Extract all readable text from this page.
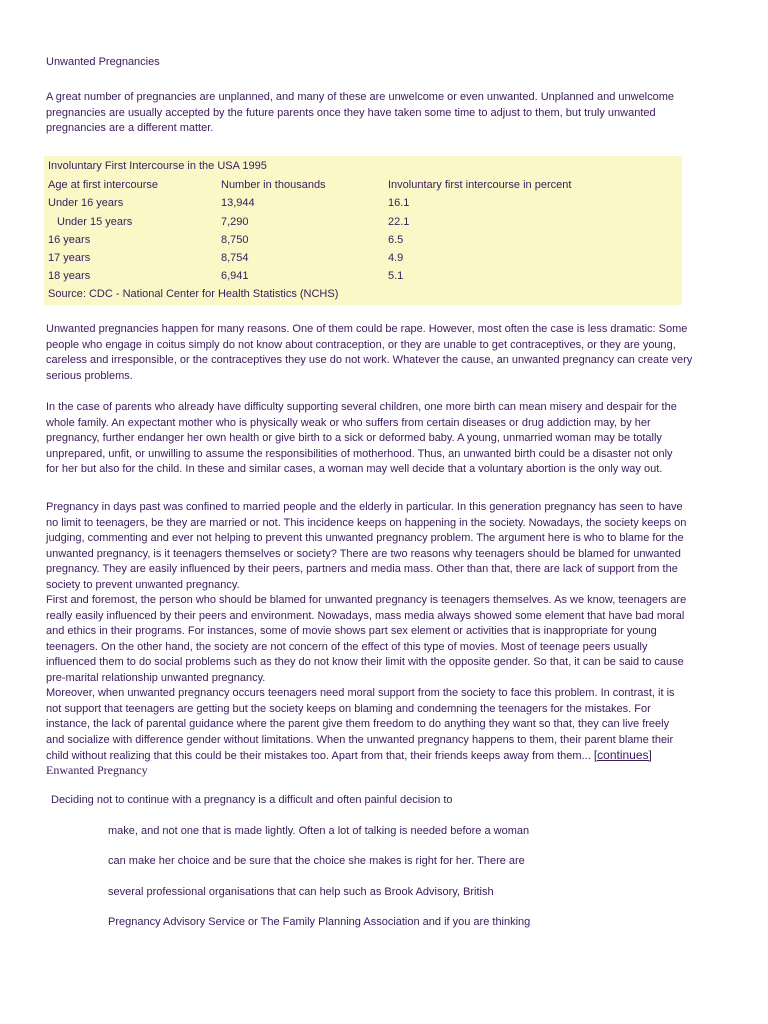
Unwanted Pregnancies
A great number of pregnancies are unplanned, and many of these are unwelcome or even unwanted. Unplanned and unwelcome
pregnancies are usually accepted by the future parents once they have taken some time to adjust to them, but truly unwanted
pregnancies are a different matter.
Involuntary First Intercourse in the USA 1995
Age at first intercourse	Number in thousands	Involuntary first intercourse in percent
Under 16 years	13,944	16.1
Under 15 years	7,290	22.1
16 years	8,750	6.5
17 years	8,754	4.9
18 years	6,941	5.1
Source: CDC - National Center for Health Statistics (NCHS)
Unwanted pregnancies happen for many reasons. One of them could be rape. However, most often the case is less dramatic: Some
people who engage in coitus simply do not know about contraception, or they are unable to get contraceptives, or they are young,
careless and irresponsible, or the contraceptives they use do not work. Whatever the cause, an unwanted pregnancy can create very
serious problems.
In the case of parents who already have difficulty supporting several children, one more birth can mean misery and despair for the
whole family. An expectant mother who is physically weak or who suffers from certain diseases or drug addiction may, by her
pregnancy, further endanger her own health or give birth to a sick or deformed baby. A young, unmarried woman may be totally
unprepared, unfit, or unwilling to assume the responsibilities of motherhood. Thus, an unwanted birth could be a disaster not only
for her but also for the child. In these and similar cases, a woman may well decide that a voluntary abortion is the only way out.
Pregnancy in days past was confined to married people and the elderly in particular. In this generation pregnancy has seen to have
no limit to teenagers, be they are married or not. This incidence keeps on happening in the society. Nowadays, the society keeps on
judging, commenting and ever not helping to prevent this unwanted pregnancy problem. The argument here is who to blame for the
unwanted pregnancy, is it teenagers themselves or society? There are two reasons why teenagers should be blamed for unwanted
pregnancy. They are easily influenced by their peers, partners and media mass. Other than that, there are lack of support from the
society to prevent unwanted pregnancy.
First and foremost, the person who should be blamed for unwanted pregnancy is teenagers themselves. As we know, teenagers are
really easily influenced by their peers and environment. Nowadays, mass media always showed some element that have bad moral
and ethics in their programs. For instances, some of movie shows part sex element or activities that is inappropriate for young
teenagers. On the other hand, the society are not concern of the effect of this type of movies. Most of teenage peers usually
influenced them to do social problems such as they do not know their limit with the opposite gender. So that, it can be said to cause
pre-marital relationship unwanted pregnancy.
Moreover, when unwanted pregnancy occurs teenagers need moral support from the society to face this problem. In contrast, it is
not support that teenagers are getting but the society keeps on blaming and condemning the teenagers for the mistakes. For
instance, the lack of parental guidance where the parent give them freedom to do anything they want so that, they can live freely
and socialize with difference gender without limitations. When the unwanted pregnancy happens to them, their parent blame their
child without realizing that this could be their mistakes too. Apart from that, their friends keeps away from them... [continues]
Enwanted Pregnancy
Deciding not to continue with a pregnancy is a difficult and often painful decision to
make, and not one that is made lightly. Often a lot of talking is needed before a woman
can make her choice and be sure that the choice she makes is right for her. There are
several professional organisations that can help such as Brook Advisory, British
Pregnancy Advisory Service or The Family Planning Association and if you are thinking
